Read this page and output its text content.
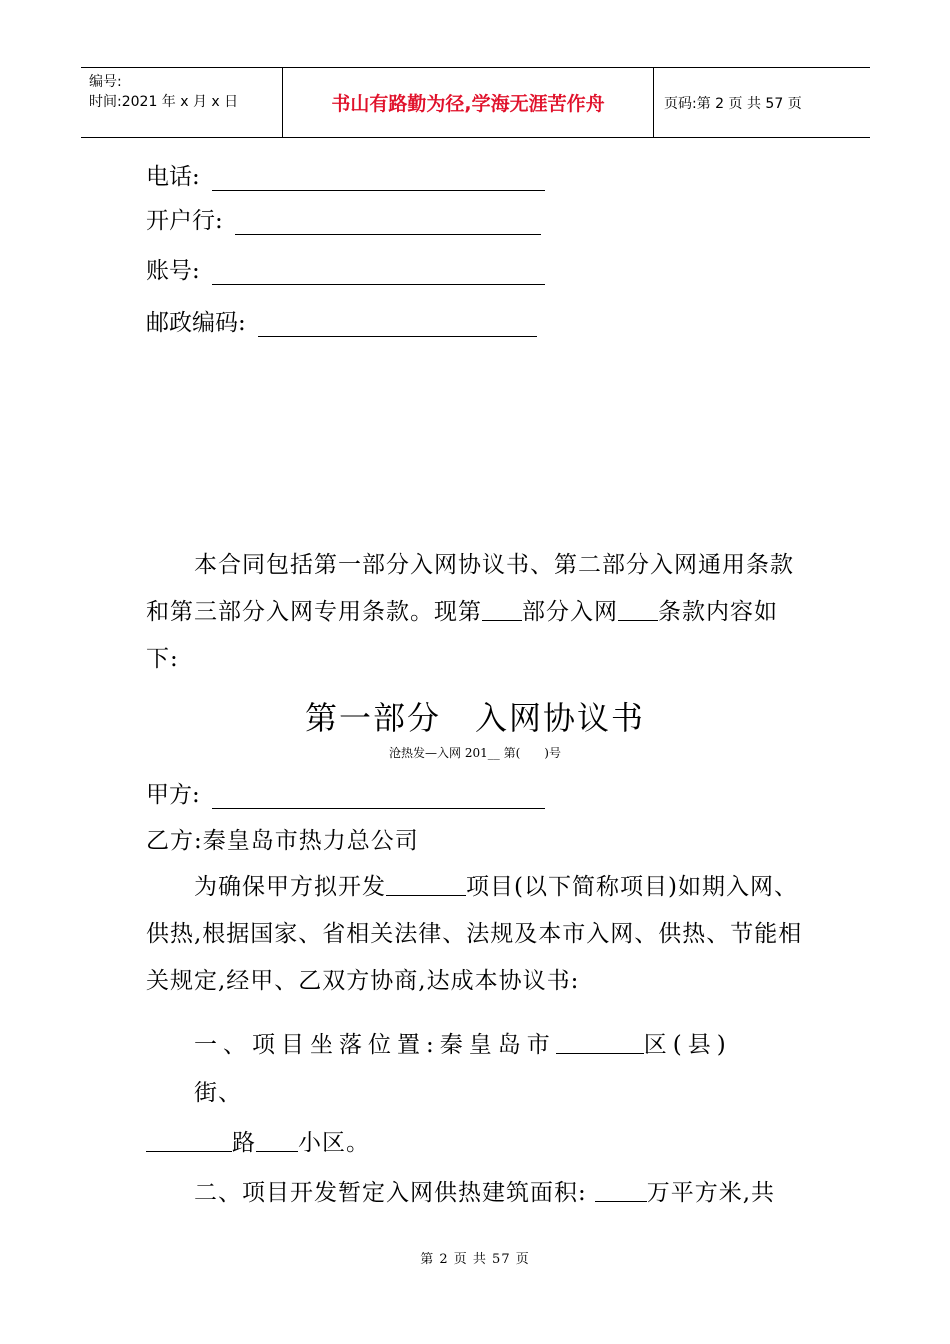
编号:
时间:2021 年 x 月 x 日	书山有路勤为径,学海无涯苦作舟	页码:第 2 页 共 57 页
电话:
开户行:
账号:
邮政编码:
本合同包括第一部分入网协议书、第二部分入网通用条款和第三部分入网专用条款。现第 部分入网 条款内容如下:
第一部分　入网协议书
沧热发—入网 201__ 第(　　)号
甲方:
乙方:秦皇岛市热力总公司
为确保甲方拟开发	项目(以下简称项目)如期入网、供热,根据国家、省相关法律、法规及本市入网、供热、节能相关规定,经甲、乙双方协商,达成本协议书:
一、项目坐落位置:秦皇岛市	区(县)
街、
路 小区。
二、项目开发暂定入网供热建筑面积:	万平方米,共
第 2 页 共 57 页
